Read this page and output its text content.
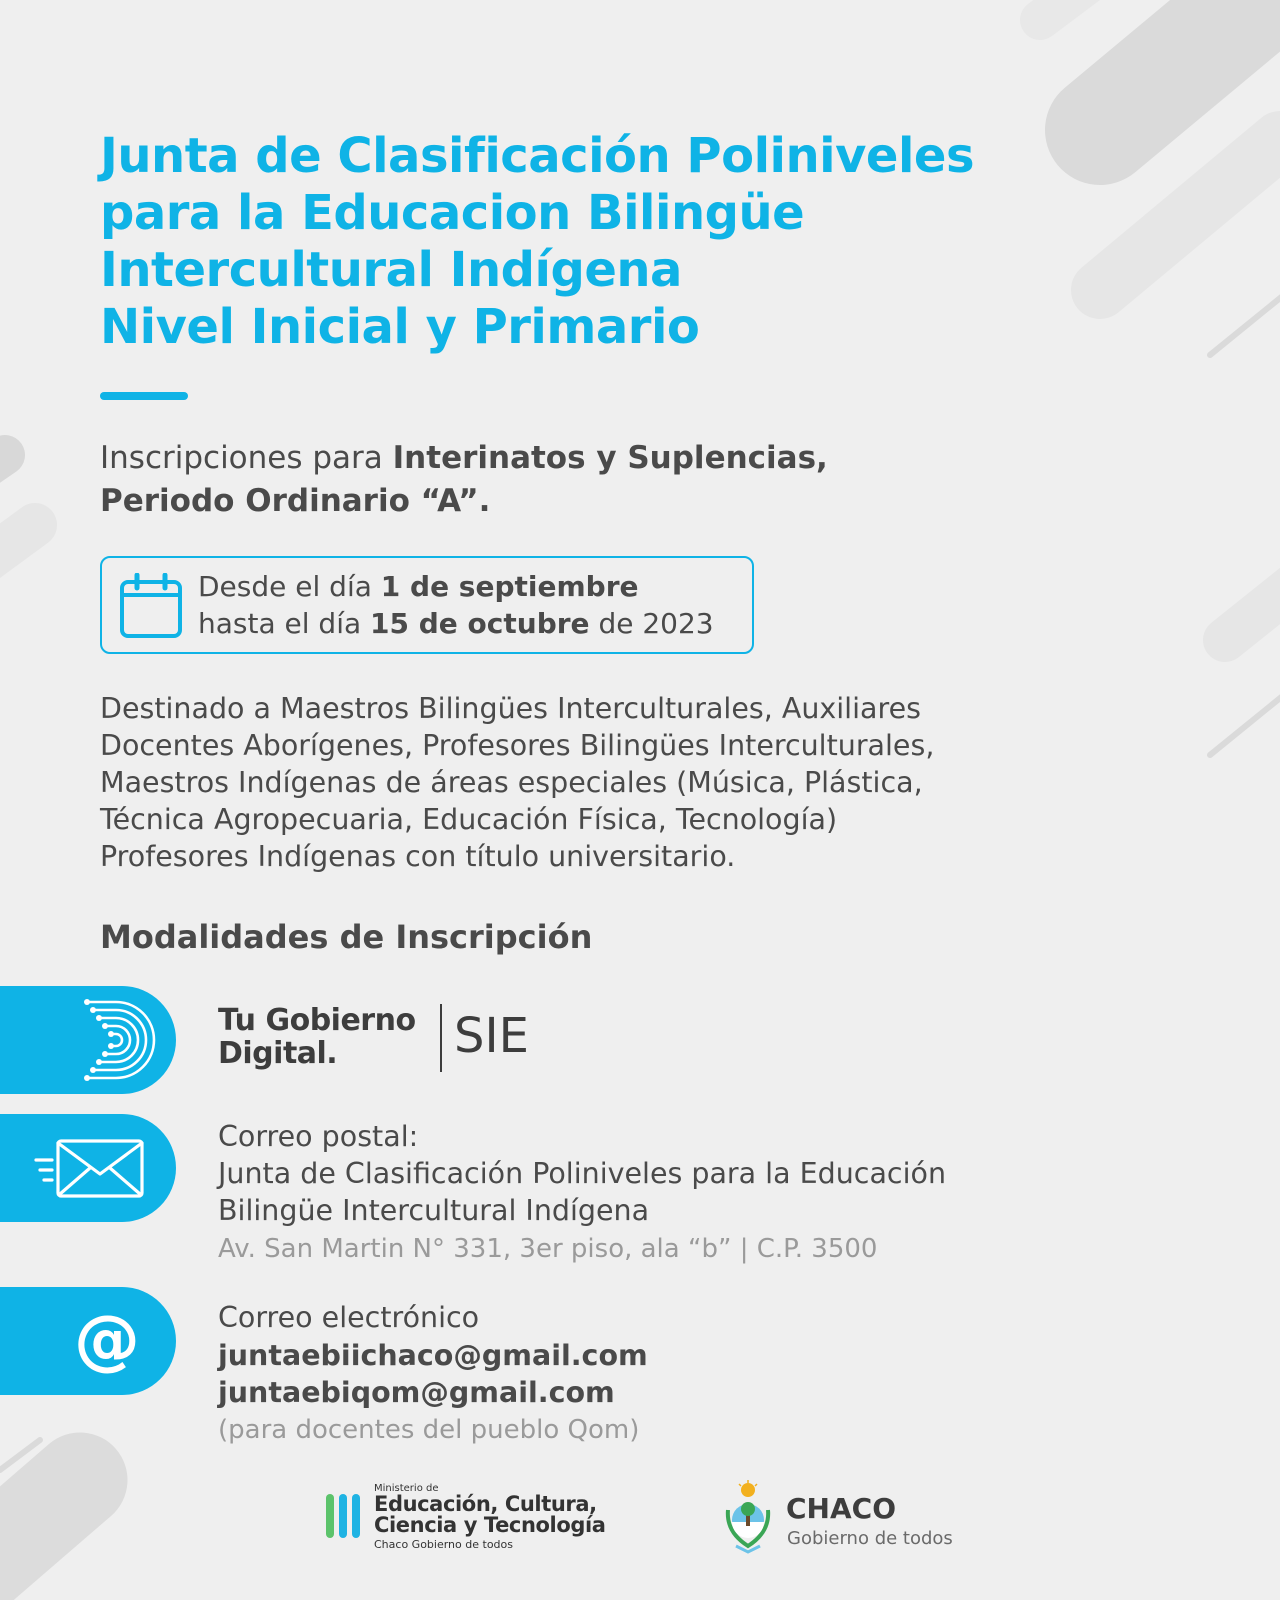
Junta de Clasificación Poliniveles
para la Educacion Bilingüe
Intercultural Indígena
Nivel Inicial y Primario
Inscripciones para Interinatos y Suplencias,
Periodo Ordinario “A”.
Desde el día 1 de septiembre
hasta el día 15 de octubre de 2023
Destinado a Maestros Bilingües Interculturales, Auxiliares
Docentes Aborígenes, Profesores Bilingües Interculturales,
Maestros Indígenas de áreas especiales (Música, Plástica,
Técnica Agropecuaria, Educación Física, Tecnología)
Profesores Indígenas con título universitario.
Modalidades de Inscripción
Tu Gobierno
Digital.	SIE
Correo postal:
Junta de Clasificación Poliniveles para la Educación
Bilingüe Intercultural Indígena
Av. San Martin N° 331, 3er piso, ala “b” | C.P. 3500
@	Correo electrónico
juntaebiichaco@gmail.com
juntaebiqom@gmail.com
(para docentes del pueblo Qom)
Ministerio de
Educación, Cultura,
Ciencia y Tecnología
Chaco Gobierno de todos
CHACO
Gobierno de todos
